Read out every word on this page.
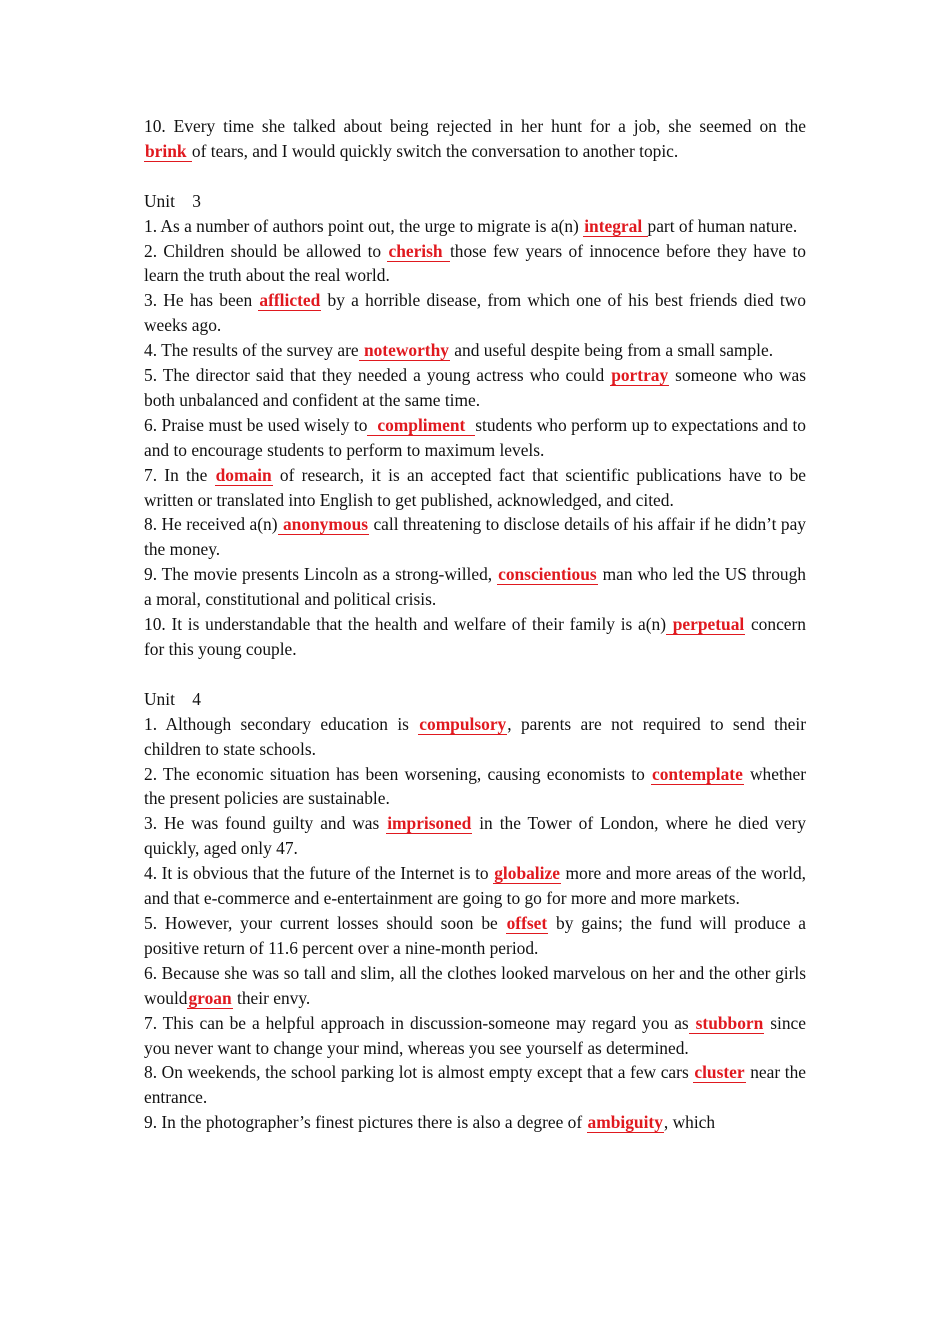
10. Every time she talked about being rejected in her hunt for a job, she seemed on the brink of tears, and I would quickly switch the conversation to another topic.

Unit    3

1. As a number of authors point out, the urge to migrate is a(n) integral part of human nature.

2. Children should be allowed to cherish those few years of innocence before they have to learn the truth about the real world.

3. He has been afflicted by a horrible disease, from which one of his best friends died two weeks ago.

4. The results of the survey are noteworthy and useful despite being from a small sample.

5. The director said that they needed a young actress who could portray someone who was both unbalanced and confident at the same time.

6. Praise must be used wisely to  compliment  students who perform up to expectations and to and to encourage students to perform to maximum levels.

7. In the domain of research, it is an accepted fact that scientific publications have to be written or translated into English to get published, acknowledged, and cited.

8. He received a(n) anonymous call threatening to disclose details of his affair if he didn’t pay the money.

9. The movie presents Lincoln as a strong-willed, conscientious man who led the US through a moral, constitutional and political crisis.

10. It is understandable that the health and welfare of their family is a(n) perpetual concern for this young couple.

Unit    4

1. Although secondary education is compulsory, parents are not required to send their children to state schools.

2. The economic situation has been worsening, causing economists to contemplate whether the present policies are sustainable.

3. He was found guilty and was imprisoned in the Tower of London, where he died very quickly, aged only 47.

4. It is obvious that the future of the Internet is to globalize more and more areas of the world, and that e-commerce and e-entertainment are going to go for more and more markets.

5. However, your current losses should soon be offset by gains; the fund will produce a positive return of 11.6 percent over a nine-month period.

6. Because she was so tall and slim, all the clothes looked marvelous on her and the other girls wouldgroan their envy.

7. This can be a helpful approach in discussion-someone may regard you as stubborn since you never want to change your mind, whereas you see yourself as determined.

8. On weekends, the school parking lot is almost empty except that a few cars cluster near the entrance.

9. In the photographer’s finest pictures there is also a degree of ambiguity, which
